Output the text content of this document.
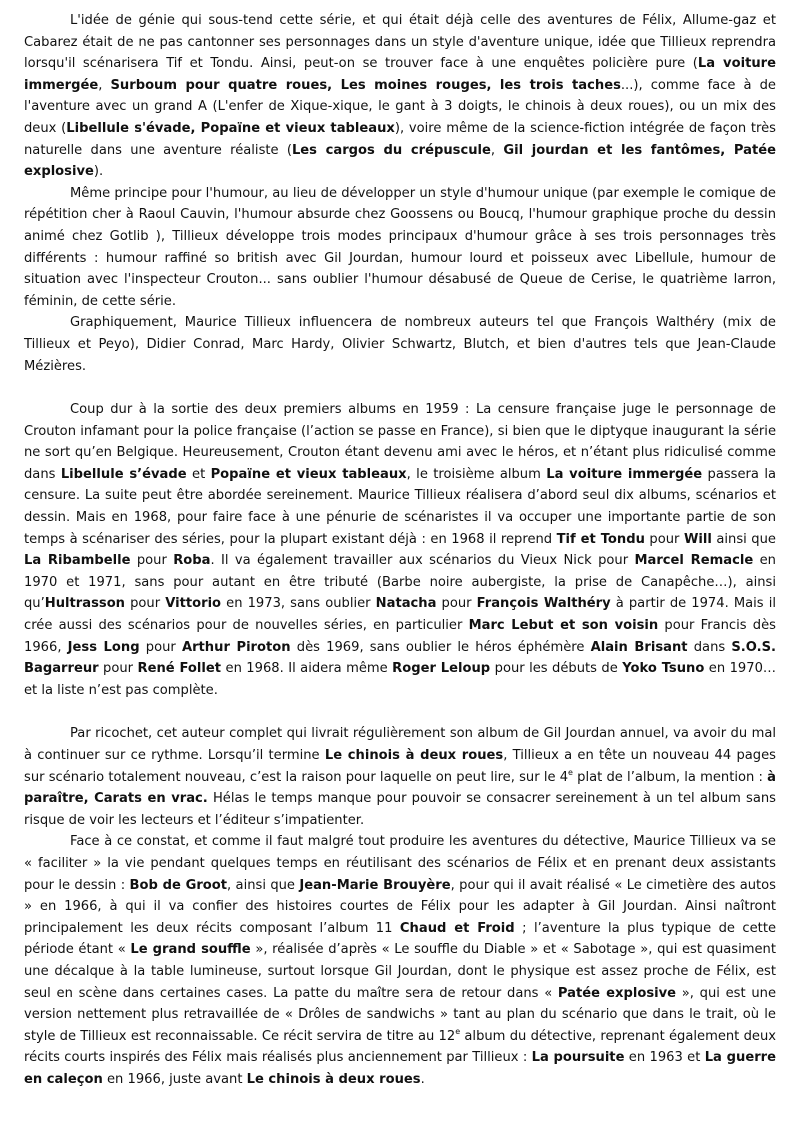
L'idée de génie qui sous-tend cette série, et qui était déjà celle des aventures de Félix, Allume-gaz et Cabarez était de ne pas cantonner ses personnages dans un style d'aventure unique, idée que Tillieux reprendra lorsqu'il scénarisera Tif et Tondu. Ainsi, peut-on se trouver face à une enquêtes policière pure (La voiture immergée, Surboum pour quatre roues, Les moines rouges, les trois taches...), comme face à de l'aventure avec un grand A (L'enfer de Xique-xique, le gant à 3 doigts, le chinois à deux roues), ou un mix des deux (Libellule s'évade, Popaïne et vieux tableaux), voire même de la science-fiction intégrée de façon très naturelle dans une aventure réaliste (Les cargos du crépuscule, Gil jourdan et les fantômes, Patée explosive).

Même principe pour l'humour, au lieu de développer un style d'humour unique (par exemple le comique de répétition cher à Raoul Cauvin, l'humour absurde chez Goossens ou Boucq, l'humour graphique proche du dessin animé chez Gotlib ), Tillieux développe trois modes principaux d'humour grâce à ses trois personnages très différents : humour raffiné so british avec Gil Jourdan, humour lourd et poisseux avec Libellule, humour de situation avec l'inspecteur Crouton... sans oublier l'humour désabusé de Queue de Cerise, le quatrième larron, féminin, de cette série.

Graphiquement, Maurice Tillieux influencera de nombreux auteurs tel que François Walthéry (mix de Tillieux et Peyo), Didier Conrad, Marc Hardy, Olivier Schwartz, Blutch, et bien d'autres tels que Jean-Claude Mézières.

Coup dur à la sortie des deux premiers albums en 1959 : La censure française juge le personnage de Crouton infamant pour la police française (l’action se passe en France), si bien que le diptyque inaugurant la série ne sort qu’en Belgique. Heureusement, Crouton étant devenu ami avec le héros, et n’étant plus ridiculisé comme dans Libellule s’évade et Popaïne et vieux tableaux, le troisième album La voiture immergée passera la censure. La suite peut être abordée sereinement. Maurice Tillieux réalisera d’abord seul dix albums, scénarios et dessin. Mais en 1968, pour faire face à une pénurie de scénaristes il va occuper une importante partie de son temps à scénariser des séries, pour la plupart existant déjà : en 1968 il reprend Tif et Tondu pour Will ainsi que La Ribambelle pour Roba. Il va également travailler aux scénarios du Vieux Nick pour Marcel Remacle en 1970 et 1971, sans pour autant en être tributé (Barbe noire aubergiste, la prise de Canapêche…), ainsi qu’Hultrasson pour Vittorio en 1973, sans oublier Natacha pour François Walthéry à partir de 1974. Mais il crée aussi des scénarios pour de nouvelles séries, en particulier Marc Lebut et son voisin pour Francis dès 1966, Jess Long pour Arthur Piroton dès 1969, sans oublier le héros éphémère Alain Brisant dans S.O.S. Bagarreur pour René Follet en 1968. Il aidera même Roger Leloup pour les débuts de Yoko Tsuno en 1970… et la liste n’est pas complète.

Par ricochet, cet auteur complet qui livrait régulièrement son album de Gil Jourdan annuel, va avoir du mal à continuer sur ce rythme. Lorsqu’il termine Le chinois à deux roues, Tillieux a en tête un nouveau 44 pages sur scénario totalement nouveau, c’est la raison pour laquelle on peut lire, sur le 4e plat de l’album, la mention : à paraître, Carats en vrac. Hélas le temps manque pour pouvoir se consacrer sereinement à un tel album sans risque de voir les lecteurs et l’éditeur s’impatienter.

Face à ce constat, et comme il faut malgré tout produire les aventures du détective, Maurice Tillieux va se « faciliter » la vie pendant quelques temps en réutilisant des scénarios de Félix et en prenant deux assistants pour le dessin : Bob de Groot, ainsi que Jean-Marie Brouyère, pour qui il avait réalisé « Le cimetière des autos » en 1966, à qui il va confier des histoires courtes de Félix pour les adapter à Gil Jourdan. Ainsi naîtront principalement les deux récits composant l’album 11 Chaud et Froid ; l’aventure la plus typique de cette période étant « Le grand souffle », réalisée d’après « Le souffle du Diable » et « Sabotage », qui est quasiment une décalque à la table lumineuse, surtout lorsque Gil Jourdan, dont le physique est assez proche de Félix, est seul en scène dans certaines cases. La patte du maître sera de retour dans « Patée explosive », qui est une version nettement plus retravaillée de « Drôles de sandwichs » tant au plan du scénario que dans le trait, où le style de Tillieux est reconnaissable. Ce récit servira de titre au 12e album du détective, reprenant également deux récits courts inspirés des Félix mais réalisés plus anciennement par Tillieux : La poursuite en 1963 et La guerre en caleçon en 1966, juste avant Le chinois à deux roues.
